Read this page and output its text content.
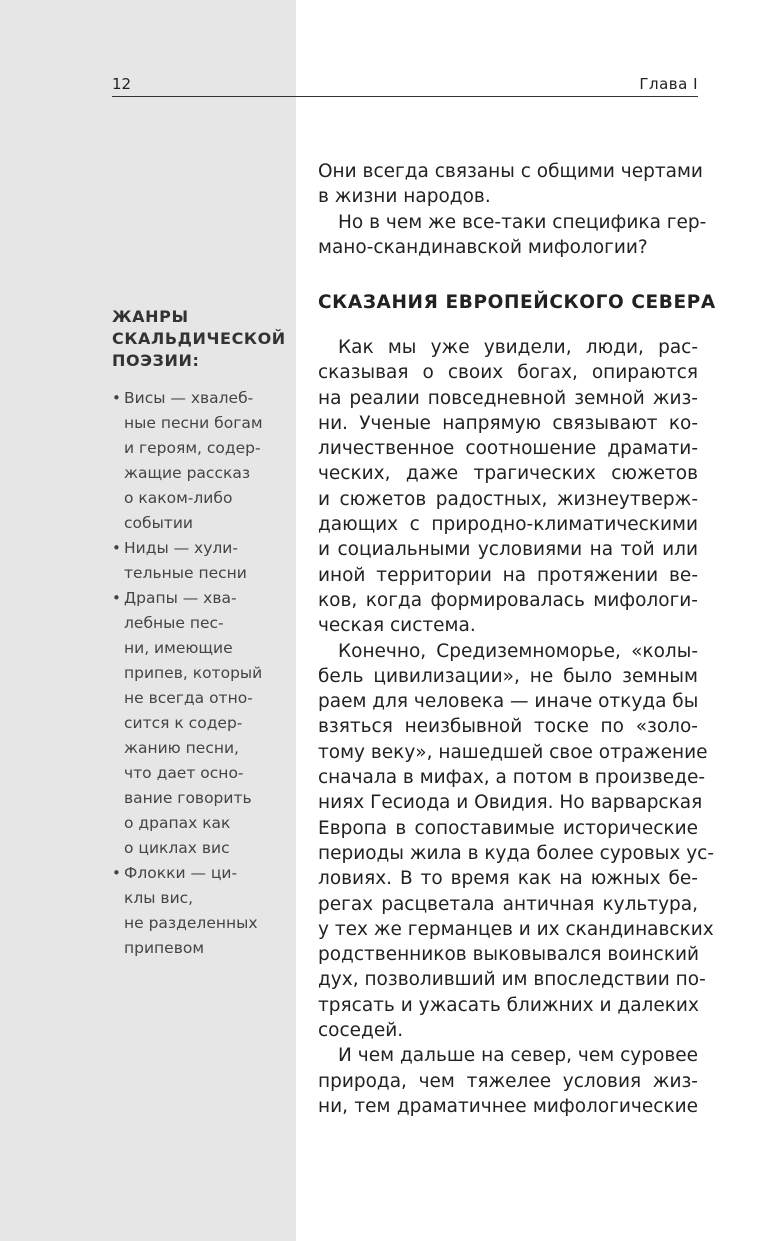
12	Глава I
ЖАНРЫ
СКАЛЬДИЧЕСКОЙ
ПОЭЗИИ:
• Висы — хвалеб-
ные песни богам
и героям, содер-
жащие рассказ
о каком-либо
событии
• Ниды — хули-
тельные песни
• Драпы — хва-
лебные пес-
ни, имеющие
припев, который
не всегда отно-
сится к содер-
жанию песни,
что дает осно-
вание говорить
о драпах как
о циклах вис
• Флокки — ци-
клы вис,
не разделенных
припевом
Они всегда связаны с общими чертами
в жизни народов.
Но в чем же все-таки специфика гер-
мано-скандинавской мифологии?
СКАЗАНИЯ ЕВРОПЕЙСКОГО СЕВЕРА
Как мы уже увидели, люди, рас-
сказывая о своих богах, опираются
на реалии повседневной земной жиз-
ни. Ученые напрямую связывают ко-
личественное соотношение драмати-
ческих, даже трагических сюжетов
и сюжетов радостных, жизнеутверж-
дающих с природно-климатическими
и социальными условиями на той или
иной территории на протяжении ве-
ков, когда формировалась мифологи-
ческая система.
Конечно, Средиземноморье, «колы-
бель цивилизации», не было земным
раем для человека — иначе откуда бы
взяться неизбывной тоске по «золо-
тому веку», нашедшей свое отражение
сначала в мифах, а потом в произведе-
ниях Гесиода и Овидия. Но варварская
Европа в сопоставимые исторические
периоды жила в куда более суровых ус-
ловиях. В то время как на южных бе-
регах расцветала античная культура,
у тех же германцев и их скандинавских
родственников выковывался воинский
дух, позволивший им впоследствии по-
трясать и ужасать ближних и далеких
соседей.
И чем дальше на север, чем суровее
природа, чем тяжелее условия жиз-
ни, тем драматичнее мифологические
